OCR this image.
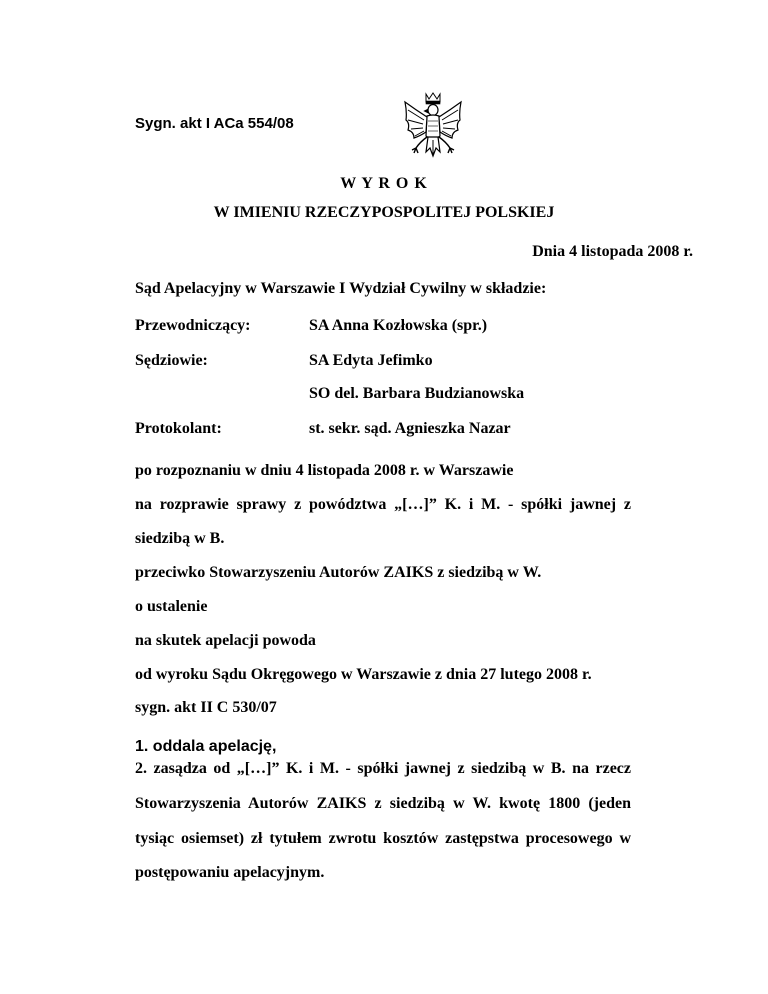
Sygn. akt I ACa 554/08
W Y R O K
W IMIENIU RZECZYPOSPOLITEJ POLSKIEJ
Dnia 4 listopada 2008 r.
Sąd Apelacyjny w Warszawie I Wydział Cywilny w składzie:
Przewodniczący:	SA Anna Kozłowska (spr.)
Sędziowie:	SA Edyta Jefimko
SO del. Barbara Budzianowska
Protokolant:	st. sekr. sąd. Agnieszka Nazar
po rozpoznaniu w dniu 4 listopada 2008 r. w Warszawie
na rozprawie sprawy z powództwa „[…]” K. i M. - spółki jawnej z
siedzibą w B.
przeciwko Stowarzyszeniu Autorów ZAIKS z siedzibą w W.
o ustalenie
na skutek apelacji powoda
od wyroku Sądu Okręgowego w Warszawie z dnia 27 lutego 2008 r.
sygn. akt II C 530/07
1. oddala apelację,
2. zasądza od „[…]” K. i M. - spółki jawnej z siedzibą w B. na rzecz
Stowarzyszenia Autorów ZAIKS z siedzibą w W. kwotę 1800 (jeden
tysiąc osiemset) zł tytułem zwrotu kosztów zastępstwa procesowego w
postępowaniu apelacyjnym.
